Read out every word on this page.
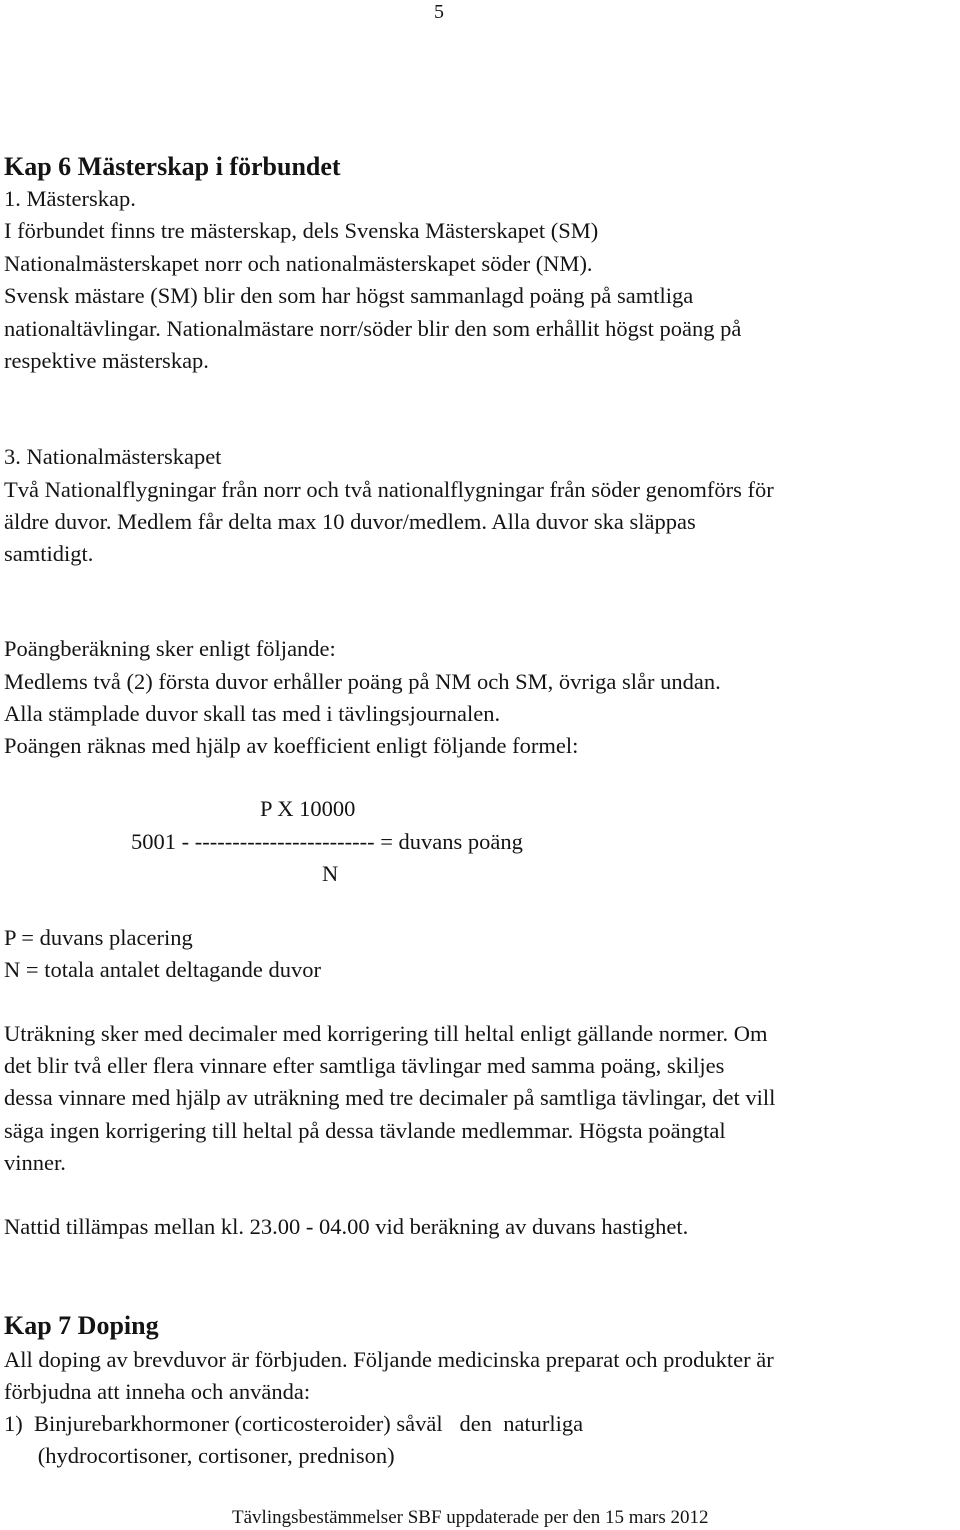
5
Kap 6 Mästerskap i förbundet
1. Mästerskap.
I förbundet finns tre mästerskap, dels Svenska Mästerskapet (SM)
Nationalmästerskapet norr och nationalmästerskapet söder (NM).
Svensk mästare (SM) blir den som har högst sammanlagd poäng på samtliga
nationaltävlingar. Nationalmästare norr/söder blir den som erhållit högst poäng på
respektive mästerskap.
3. Nationalmästerskapet
Två Nationalflygningar från norr och två nationalflygningar från söder genomförs för
äldre duvor. Medlem får delta max 10 duvor/medlem. Alla duvor ska släppas
samtidigt.
Poängberäkning sker enligt följande:
Medlems två (2) första duvor erhåller poäng på NM och SM, övriga slår undan.
Alla stämplade duvor skall tas med i tävlingsjournalen.
Poängen räknas med hjälp av koefficient enligt följande formel:
P X 10000
5001 - ------------------------ = duvans poäng
N
P = duvans placering
N = totala antalet deltagande duvor
Uträkning sker med decimaler med korrigering till heltal enligt gällande normer. Om
det blir två eller flera vinnare efter samtliga tävlingar med samma poäng, skiljes
dessa vinnare med hjälp av uträkning med tre decimaler på samtliga tävlingar, det vill
säga ingen korrigering till heltal på dessa tävlande medlemmar. Högsta poängtal
vinner.
Nattid tillämpas mellan kl. 23.00 - 04.00 vid beräkning av duvans hastighet.
Kap 7 Doping
All doping av brevduvor är förbjuden. Följande medicinska preparat och produkter är
förbjudna att inneha och använda:
1)  Binjurebarkhormoner (corticosteroider) såväl   den  naturliga
(hydrocortisoner, cortisoner, prednison)
Tävlingsbestämmelser SBF uppdaterade per den 15 mars 2012
